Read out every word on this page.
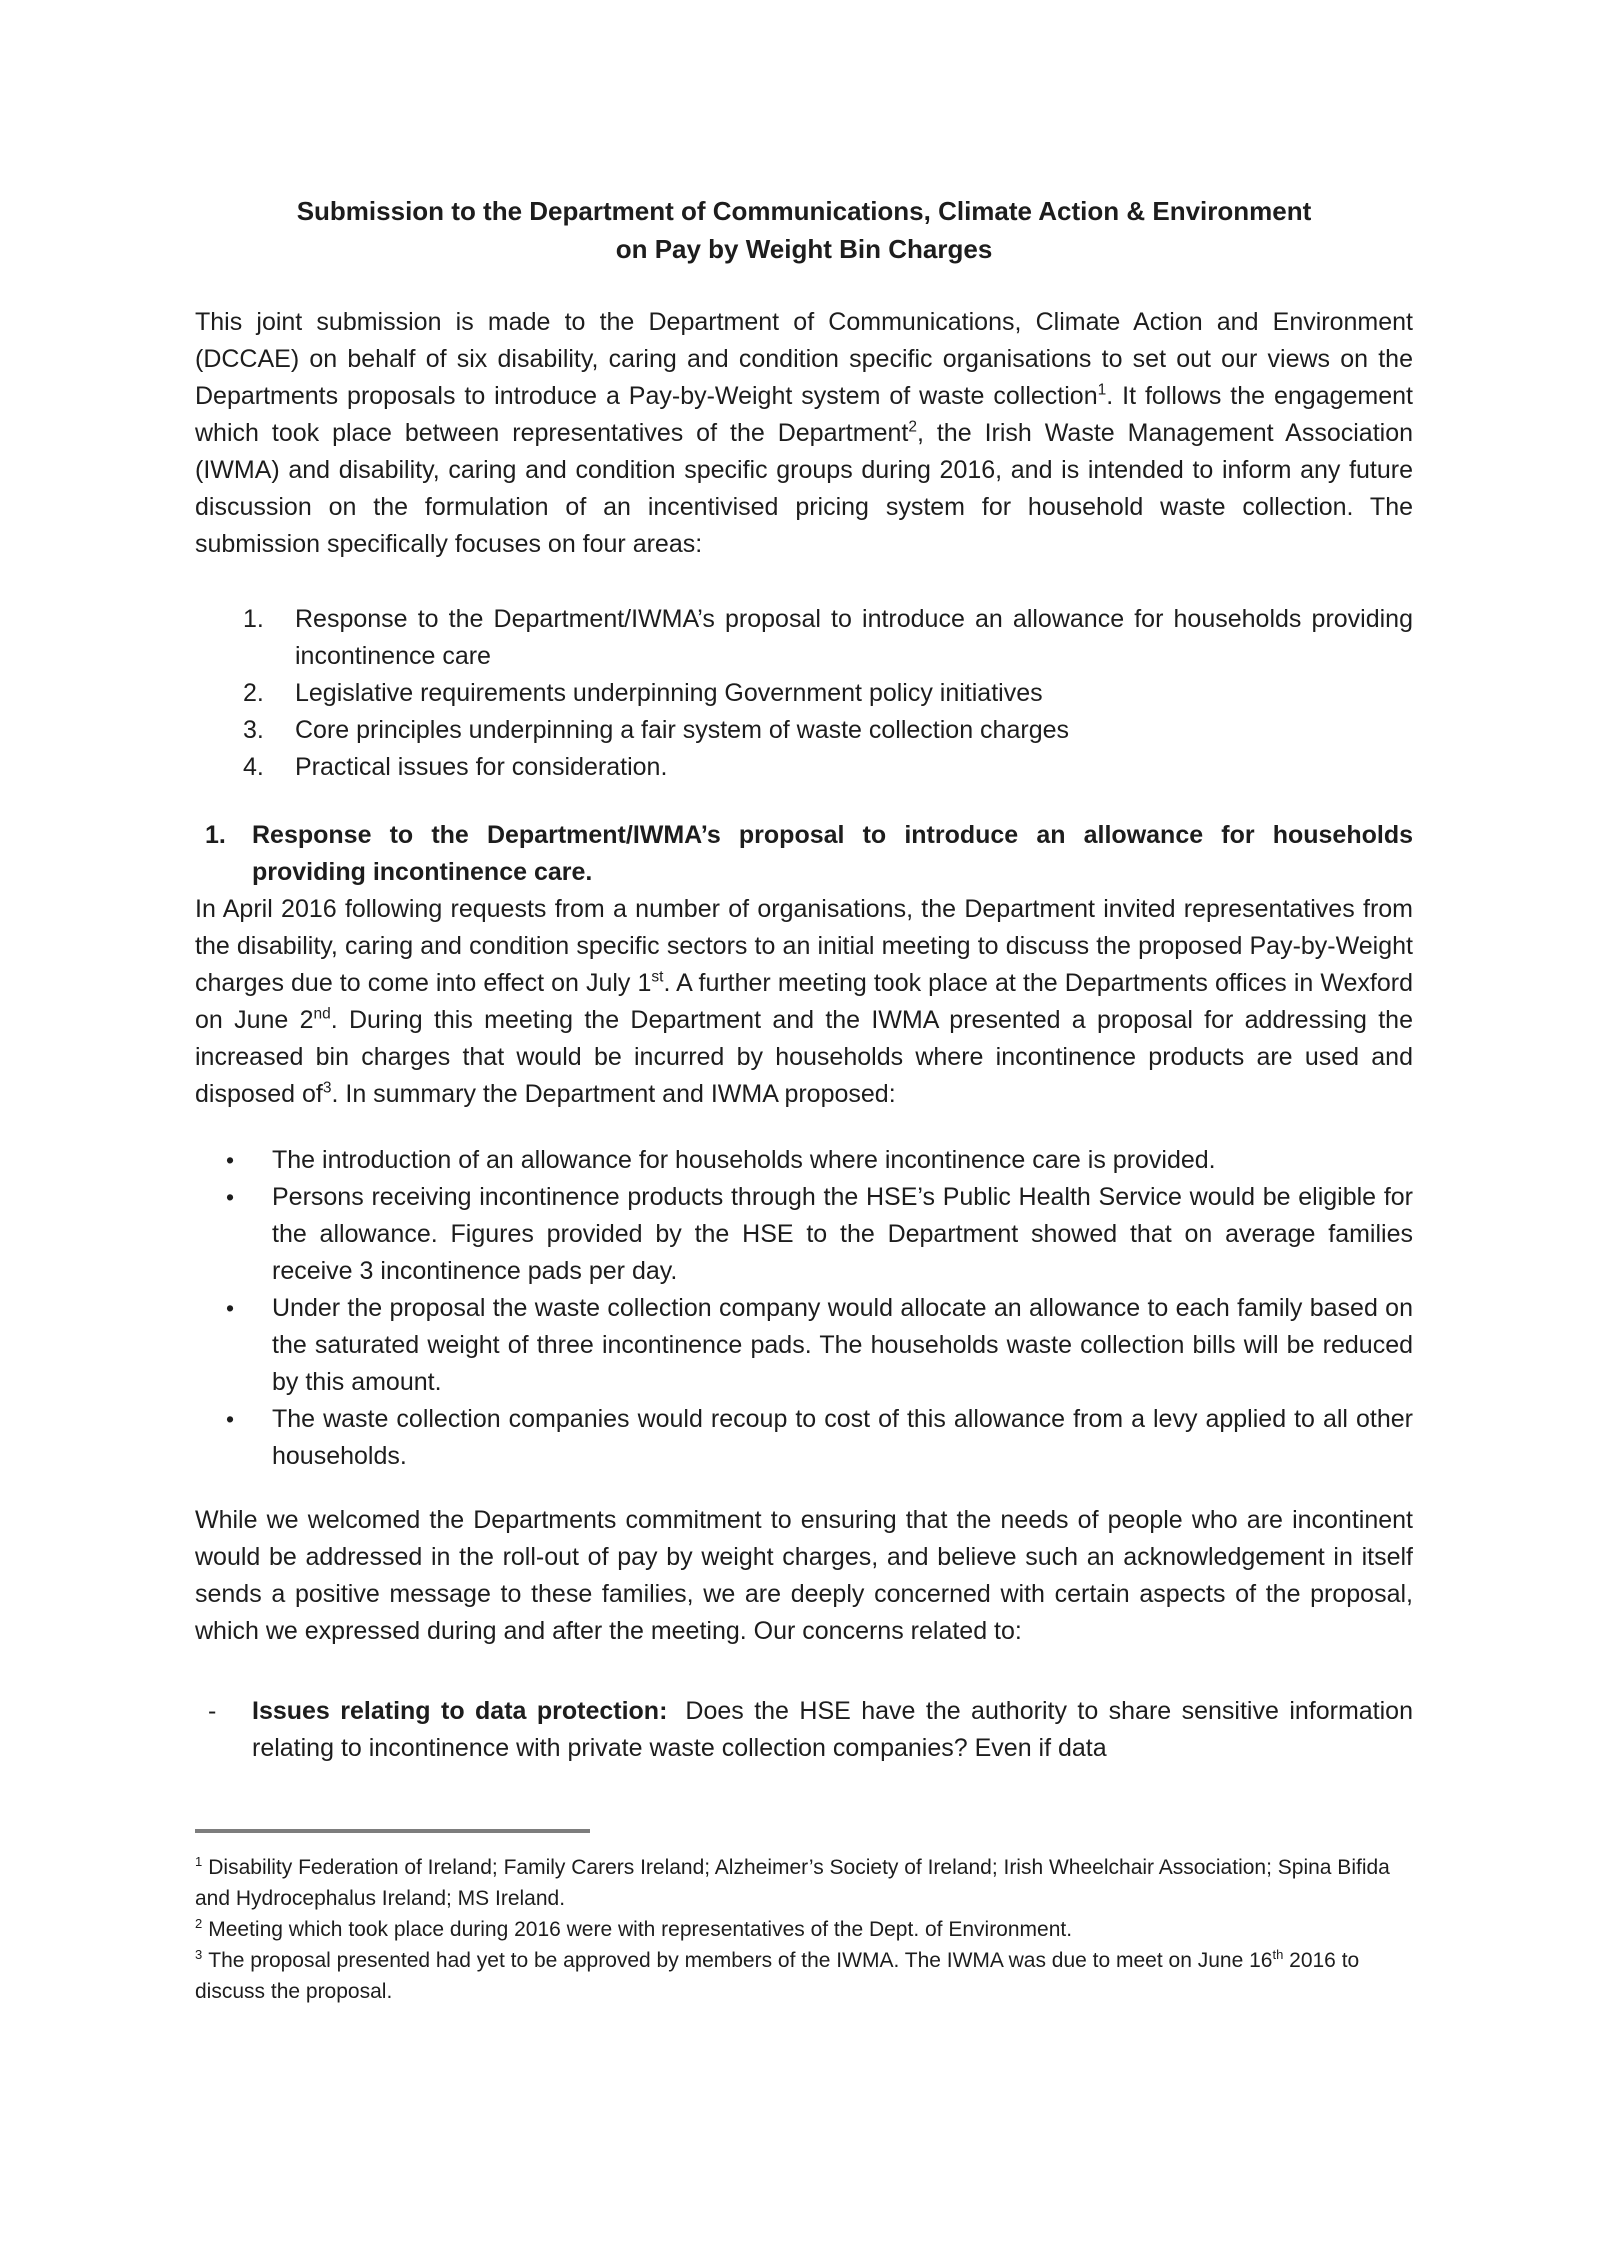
Submission to the Department of Communications, Climate Action & Environment
on Pay by Weight Bin Charges
This joint submission is made to the Department of Communications, Climate Action and Environment (DCCAE) on behalf of six disability, caring and condition specific organisations to set out our views on the Departments proposals to introduce a Pay-by-Weight system of waste collection$^1$. It follows the engagement which took place between representatives of the Department$^2$, the Irish Waste Management Association (IWMA) and disability, caring and condition specific groups during 2016, and is intended to inform any future discussion on the formulation of an incentivised pricing system for household waste collection. The submission specifically focuses on four areas:
1. Response to the Department/IWMA’s proposal to introduce an allowance for households providing incontinence care
2. Legislative requirements underpinning Government policy initiatives
3. Core principles underpinning a fair system of waste collection charges
4. Practical issues for consideration.
1. Response to the Department/IWMA’s proposal to introduce an allowance for households providing incontinence care.
In April 2016 following requests from a number of organisations, the Department invited representatives from the disability, caring and condition specific sectors to an initial meeting to discuss the proposed Pay-by-Weight charges due to come into effect on July 1st. A further meeting took place at the Departments offices in Wexford on June 2nd. During this meeting the Department and the IWMA presented a proposal for addressing the increased bin charges that would be incurred by households where incontinence products are used and disposed $of^3$. In summary the Department and IWMA proposed:
• The introduction of an allowance for households where incontinence care is provided.
• Persons receiving incontinence products through the HSE’s Public Health Service would be eligible for the allowance. Figures provided by the HSE to the Department showed that on average families receive 3 incontinence pads per day.
• Under the proposal the waste collection company would allocate an allowance to each family based on the saturated weight of three incontinence pads. The households waste collection bills will be reduced by this amount.
• The waste collection companies would recoup to cost of this allowance from a levy applied to all other households.
While we welcomed the Departments commitment to ensuring that the needs of people who are incontinent would be addressed in the roll-out of pay by weight charges, and believe such an acknowledgement in itself sends a positive message to these families, we are deeply concerned with certain aspects of the proposal, which we expressed during and after the meeting. Our concerns related to:
- Issues relating to data protection: Does the HSE have the authority to share sensitive information relating to incontinence with private waste collection companies? Even if data
$^1$ Disability Federation of Ireland; Family Carers Ireland; Alzheimer’s Society of Ireland; Irish Wheelchair Association; Spina Bifida and Hydrocephalus Ireland; MS Ireland.
$^2$ Meeting which took place during 2016 were with representatives of the Dept. of Environment.
$^3$ The proposal presented had yet to be approved by members of the IWMA. The IWMA was due to meet on June 16th 2016 to discuss the proposal.
